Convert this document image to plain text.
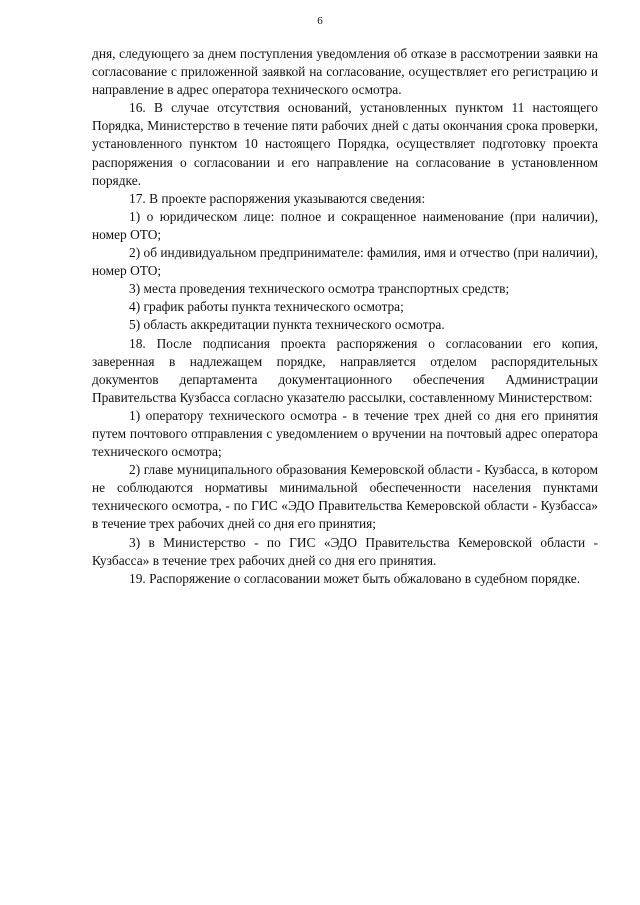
6

дня, следующего за днем поступления уведомления об отказе в рассмотрении заявки на согласование с приложенной заявкой на согласование, осуществляет его регистрацию и направление в адрес оператора технического осмотра.

16. В случае отсутствия оснований, установленных пунктом 11 настоящего Порядка, Министерство в течение пяти рабочих дней с даты окончания срока проверки, установленного пунктом 10 настоящего Порядка, осуществляет подготовку проекта распоряжения о согласовании и его направление на согласование в установленном порядке.

17. В проекте распоряжения указываются сведения:

1) о юридическом лице: полное и сокращенное наименование (при наличии), номер ОТО;

2) об индивидуальном предпринимателе: фамилия, имя и отчество (при наличии), номер ОТО;

3) места проведения технического осмотра транспортных средств;

4) график работы пункта технического осмотра;

5) область аккредитации пункта технического осмотра.

18. После подписания проекта распоряжения о согласовании его копия, заверенная в надлежащем порядке, направляется отделом распорядительных документов департамента документационного обеспечения Администрации Правительства Кузбасса согласно указателю рассылки, составленному Министерством:

1) оператору технического осмотра - в течение трех дней со дня его принятия путем почтового отправления с уведомлением о вручении на почтовый адрес оператора технического осмотра;

2) главе муниципального образования Кемеровской области - Кузбасса, в котором не соблюдаются нормативы минимальной обеспеченности населения пунктами технического осмотра, - по ГИС «ЭДО Правительства Кемеровской области - Кузбасса» в течение трех рабочих дней со дня его принятия;

3) в Министерство - по ГИС «ЭДО Правительства Кемеровской области - Кузбасса» в течение трех рабочих дней со дня его принятия.

19. Распоряжение о согласовании может быть обжаловано в судебном порядке.
